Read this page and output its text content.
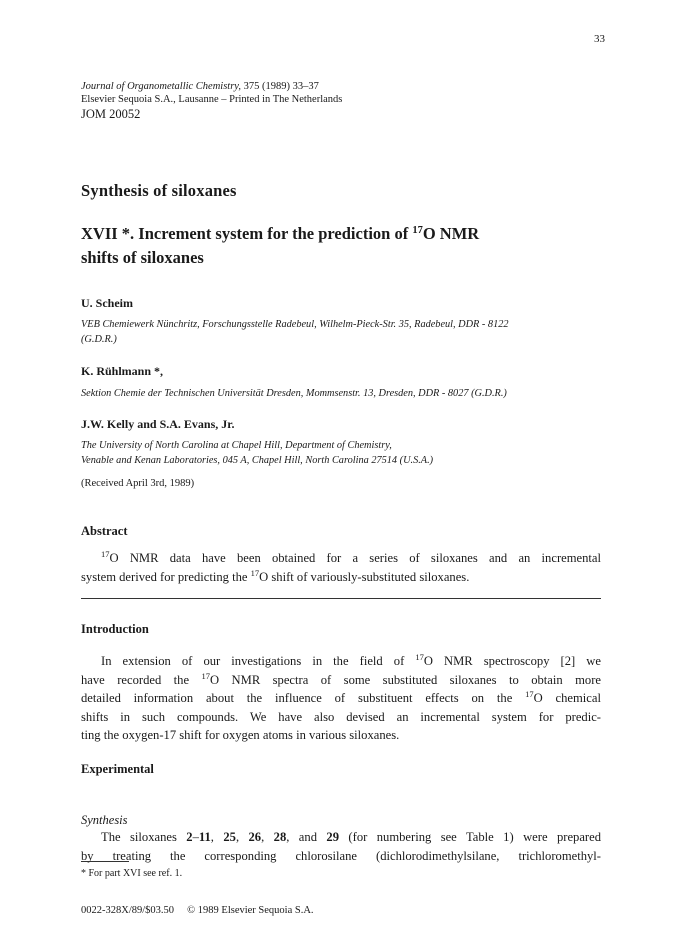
33
Journal of Organometallic Chemistry, 375 (1989) 33–37
Elsevier Sequoia S.A., Lausanne – Printed in The Netherlands
JOM 20052
Synthesis of siloxanes
XVII *. Increment system for the prediction of $^{17}$O NMR
shifts of siloxanes
U. Scheim
VEB Chemiewerk Nünchritz, Forschungsstelle Radebeul, Wilhelm-Pieck-Str. 35, Radebeul, DDR - 8122
(G.D.R.)
K. Rühlmann *,
Sektion Chemie der Technischen Universität Dresden, Mommsenstr. 13, Dresden, DDR - 8027 (G.D.R.)
J.W. Kelly and S.A. Evans, Jr.
The University of North Carolina at Chapel Hill, Department of Chemistry,
Venable and Kenan Laboratories, 045 A, Chapel Hill, North Carolina 27514 (U.S.A.)
(Received April 3rd, 1989)
Abstract
$^{17}$O NMR data have been obtained for a series of siloxanes and an incremental
system derived for predicting the $^{17}$O shift of variously-substituted siloxanes.
Introduction
In extension of our investigations in the field of $^{17}$O NMR spectroscopy [2] we
have recorded the $^{17}$O NMR spectra of some substituted siloxanes to obtain more
detailed information about the influence of substituent effects on the $^{17}$O chemical
shifts in such compounds. We have also devised an incremental system for predic-
ting the oxygen-17 shift for oxygen atoms in various siloxanes.
Experimental
Synthesis
The siloxanes 2–11, 25, 26, 28, and 29 (for numbering see Table 1) were prepared
by treating the corresponding chlorosilane (dichlorodimethylsilane, trichloromethyl-
* For part XVI see ref. 1.
0022-328X/89/$03.50 © 1989 Elsevier Sequoia S.A.
